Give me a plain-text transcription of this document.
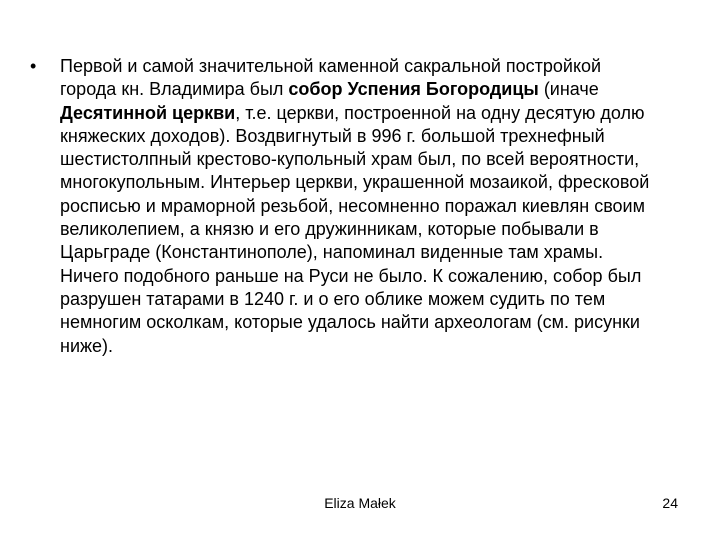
• Первой и самой значительной каменной сакральной постройкой города кн. Владимира был собор Успения Богородицы (иначе Десятинной церкви, т.е. церкви, построенной на одну десятую долю княжеских доходов). Воздвигнутый в 996 г. большой трехнефный шестистолпный крестово-купольный храм был, по всей вероятности, многокупольным. Интерьер церкви, украшенной мозаикой, фресковой росписью и мраморной резьбой, несомненно поражал киевлян своим великолепием, а князю и его дружинникам, которые побывали в Царьграде (Константинополе), напоминал виденные там храмы. Ничего подобного раньше на Руси не было. К сожалению, собор был разрушен татарами в 1240 г. и о его облике можем судить по тем немногим осколкам, которые удалось найти археологам (см. рисунки ниже).
Eliza Małek	24
